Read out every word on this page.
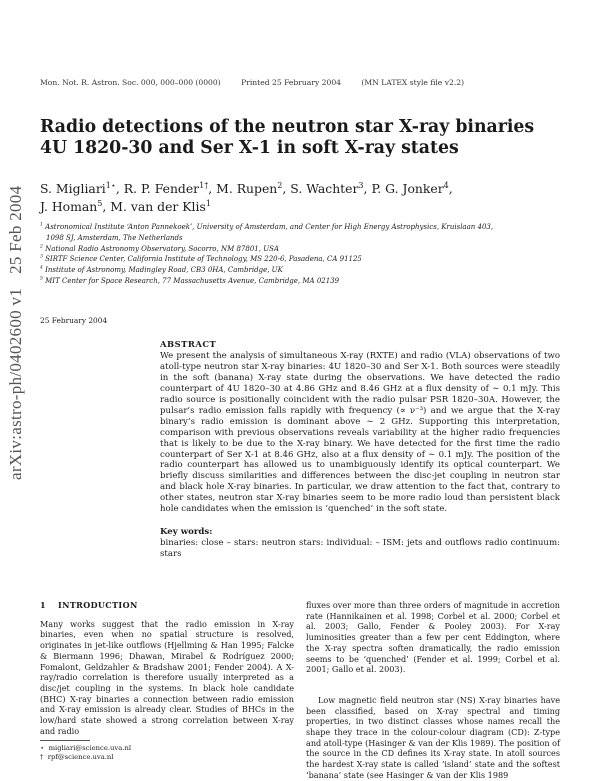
arXiv:astro-ph/0402600 v125 Feb 2004
Mon. Not. R. Astron. Soc. 000, 000–000 (0000)	Printed 25 February 2004	(MN LATEX style file v2.2)
Radio detections of the neutron star X-ray binaries
4U 1820-30 and Ser X-1 in soft X-ray states
S. Migliari$^{1⋆}$, R. P. Fender$^{1\dagger}$, M. Rupen$^2$, S. Wachter$^3$, P. G. Jonker$^4$,
J. Homan$^5$, M. van der Klis$^1$
$^1$ Astronomical Institute ‘Anton Pannekoek’, University of Amsterdam, and Center for High Energy Astrophysics, Kruislaan 403,
1098 SJ, Amsterdam, The Netherlands
$^2$ National Radio Astronomy Observatory, Socorro, NM 87801, USA
$^3$ SIRTF Science Center, California Institute of Technology, MS 220-6, Pasadena, CA 91125
$^4$ Institute of Astronomy, Madingley Road, CB3 0HA, Cambridge, UK
$^5$ MIT Center for Space Research, 77 Massachusetts Avenue, Cambridge, MA 02139
25 February 2004
ABSTRACT
We present the analysis of simultaneous X-ray (RXTE) and radio (VLA) observations of two atoll-type neutron star X-ray binaries: 4U 1820–30 and Ser X-1. Both sources were steadily in the soft (banana) X-ray state during the observations. We have detected the radio counterpart of 4U 1820–30 at 4.86 GHz and 8.46 GHz at a flux density of ∼ 0.1 mJy. This radio source is positionally coincident with the radio pulsar PSR 1820–30A. However, the pulsar’s radio emission falls rapidly with frequency (∝ ν⁻³) and we argue that the X-ray binary’s radio emission is dominant above ∼ 2 GHz. Supporting this interpretation, comparison with previous observations reveals variability at the higher radio frequencies that is likely to be due to the X-ray binary. We have detected for the first time the radio counterpart of Ser X-1 at 8.46 GHz, also at a flux density of ∼ 0.1 mJy. The position of the radio counterpart has allowed us to unambiguously identify its optical counterpart. We briefly discuss similarities and differences between the disc-jet coupling in neutron star and black hole X-ray binaries. In particular, we draw attention to the fact that, contrary to other states, neutron star X-ray binaries seem to be more radio loud than persistent black hole candidates when the emission is ‘quenched’ in the soft state.
Key words:
binaries: close – stars: neutron stars: individual: – ISM: jets and outflows radio continuum: stars
1 INTRODUCTION
Many works suggest that the radio emission in X-ray binaries, even when no spatial structure is resolved, originates in jet-like outflows (Hjellming & Han 1995; Falcke & Biermann 1996; Dhawan, Mirabel & Rodríguez 2000; Fomalont, Geldzahler & Bradshaw 2001; Fender 2004). A X-ray/radio correlation is therefore usually interpreted as a disc/jet coupling in the systems. In black hole candidate (BHC) X-ray binaries a connection between radio emission and X-ray emission is already clear. Studies of BHCs in the low/hard state showed a strong correlation between X-ray and radio
fluxes over more than three orders of magnitude in accretion rate (Hannikainen et al. 1998; Corbel et al. 2000; Corbel et al. 2003; Gallo, Fender & Pooley 2003). For X-ray luminosities greater than a few per cent Eddington, where the X-ray spectra soften dramatically, the radio emission seems to be ‘quenched’ (Fender et al. 1999; Corbel et al. 2001; Gallo et al. 2003).
Low magnetic field neutron star (NS) X-ray binaries have been classified, based on X-ray spectral and timing properties, in two distinct classes whose names recall the shape they trace in the colour-colour diagram (CD): Z-type and atoll-type (Hasinger & van der Klis 1989). The position of the source in the CD defines its X-ray state. In atoll sources the hardest X-ray state is called ‘island’ state and the softest ‘banana’ state (see Hasinger & van der Klis 1989
⋆ migliari@science.uva.nl
† rpf@science.uva.nl
